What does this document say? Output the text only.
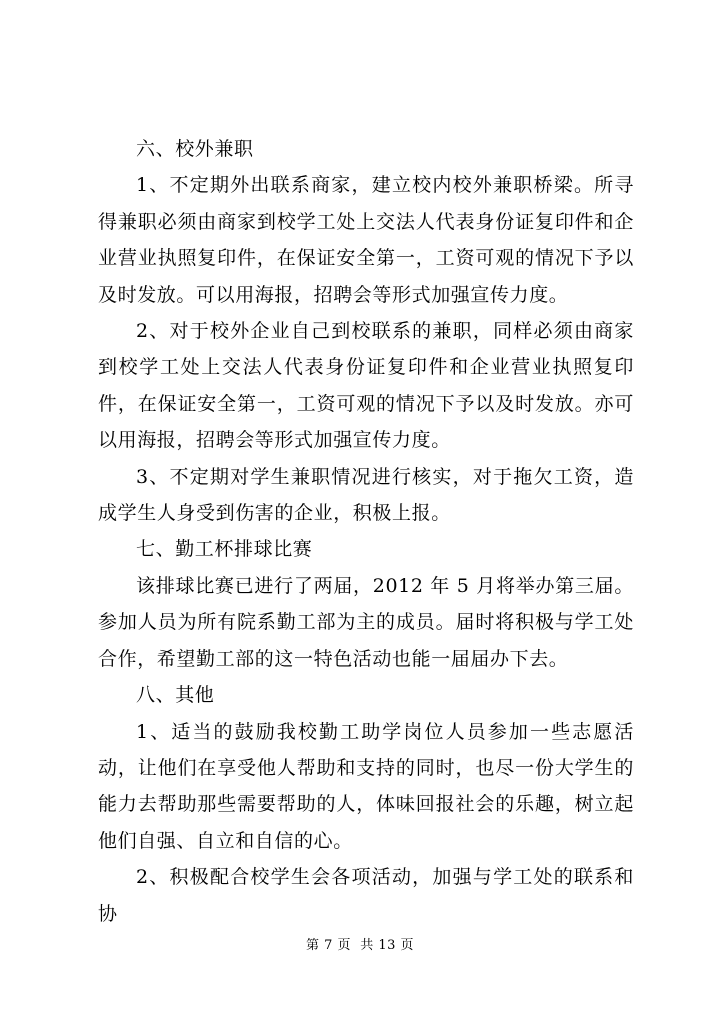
六、校外兼职

1、不定期外出联系商家，建立校内校外兼职桥梁。所寻得兼职必须由商家到校学工处上交法人代表身份证复印件和企业营业执照复印件，在保证安全第一，工资可观的情况下予以及时发放。可以用海报，招聘会等形式加强宣传力度。

2、对于校外企业自己到校联系的兼职，同样必须由商家到校学工处上交法人代表身份证复印件和企业营业执照复印件，在保证安全第一，工资可观的情况下予以及时发放。亦可以用海报，招聘会等形式加强宣传力度。

3、不定期对学生兼职情况进行核实，对于拖欠工资，造成学生人身受到伤害的企业，积极上报。

七、勤工杯排球比赛

该排球比赛已进行了两届，2012 年 5 月将举办第三届。参加人员为所有院系勤工部为主的成员。届时将积极与学工处合作，希望勤工部的这一特色活动也能一届届办下去。

八、其他

1、适当的鼓励我校勤工助学岗位人员参加一些志愿活动，让他们在享受他人帮助和支持的同时，也尽一份大学生的能力去帮助那些需要帮助的人，体味回报社会的乐趣，树立起他们自强、自立和自信的心。

2、积极配合校学生会各项活动，加强与学工处的联系和协

第 7 页  共 13 页
